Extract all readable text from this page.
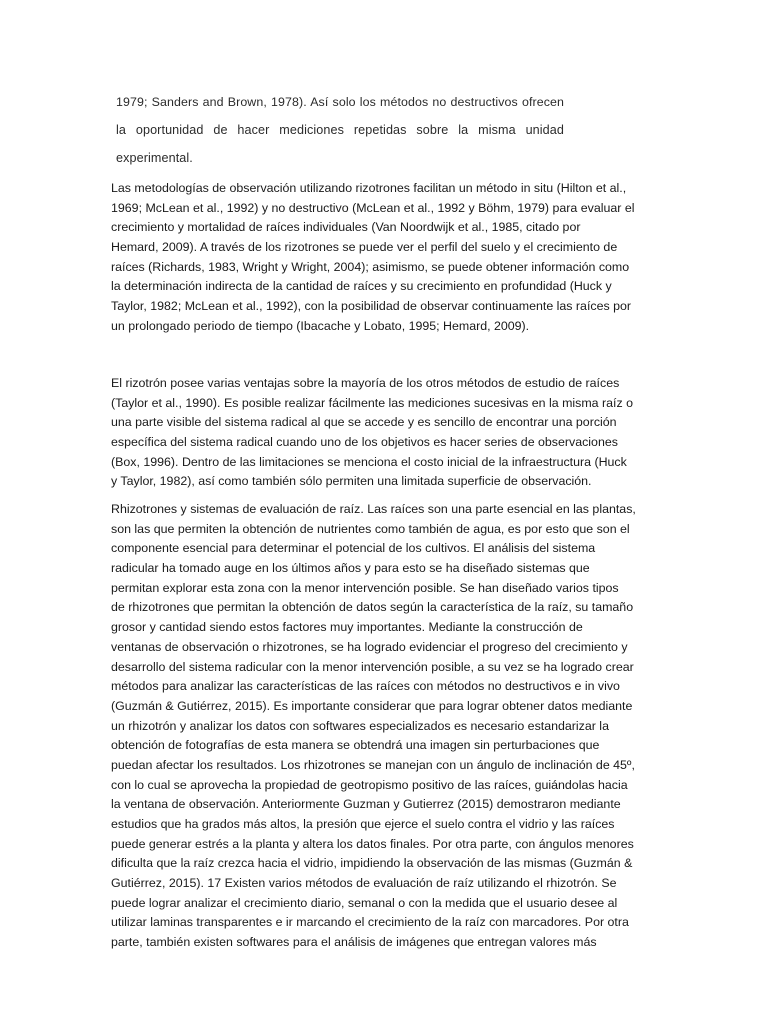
1979; Sanders and Brown, 1978). Así solo los métodos no destructivos ofrecen
la oportunidad de hacer mediciones repetidas sobre la misma unidad
experimental.
Las metodologías de observación utilizando rizotrones facilitan un método in situ (Hilton et al.,
1969; McLean et al., 1992) y no destructivo (McLean et al., 1992 y Böhm, 1979) para evaluar el
crecimiento y mortalidad de raíces individuales (Van Noordwijk et al., 1985, citado por
Hemard, 2009). A través de los rizotrones se puede ver el perfil del suelo y el crecimiento de
raíces (Richards, 1983, Wright y Wright, 2004); asimismo, se puede obtener información como
la determinación indirecta de la cantidad de raíces y su crecimiento en profundidad (Huck y
Taylor, 1982; McLean et al., 1992), con la posibilidad de observar continuamente las raíces por
un prolongado periodo de tiempo (Ibacache y Lobato, 1995; Hemard, 2009).
El rizotrón posee varias ventajas sobre la mayoría de los otros métodos de estudio de raíces
(Taylor et al., 1990). Es posible realizar fácilmente las mediciones sucesivas en la misma raíz o
una parte visible del sistema radical al que se accede y es sencillo de encontrar una porción
específica del sistema radical cuando uno de los objetivos es hacer series de observaciones
(Box, 1996). Dentro de las limitaciones se menciona el costo inicial de la infraestructura (Huck
y Taylor, 1982), así como también sólo permiten una limitada superficie de observación.
Rhizotrones y sistemas de evaluación de raíz. Las raíces son una parte esencial en las plantas,
son las que permiten la obtención de nutrientes como también de agua, es por esto que son el
componente esencial para determinar el potencial de los cultivos. El análisis del sistema
radicular ha tomado auge en los últimos años y para esto se ha diseñado sistemas que
permitan explorar esta zona con la menor intervención posible. Se han diseñado varios tipos
de rhizotrones que permitan la obtención de datos según la característica de la raíz, su tamaño
grosor y cantidad siendo estos factores muy importantes. Mediante la construcción de
ventanas de observación o rhizotrones, se ha logrado evidenciar el progreso del crecimiento y
desarrollo del sistema radicular con la menor intervención posible, a su vez se ha logrado crear
métodos para analizar las características de las raíces con métodos no destructivos e in vivo
(Guzmán & Gutiérrez, 2015). Es importante considerar que para lograr obtener datos mediante
un rhizotrón y analizar los datos con softwares especializados es necesario estandarizar la
obtención de fotografías de esta manera se obtendrá una imagen sin perturbaciones que
puedan afectar los resultados. Los rhizotrones se manejan con un ángulo de inclinación de 45º,
con lo cual se aprovecha la propiedad de geotropismo positivo de las raíces, guiándolas hacia
la ventana de observación. Anteriormente Guzman y Gutierrez (2015) demostraron mediante
estudios que ha grados más altos, la presión que ejerce el suelo contra el vidrio y las raíces
puede generar estrés a la planta y altera los datos finales. Por otra parte, con ángulos menores
dificulta que la raíz crezca hacia el vidrio, impidiendo la observación de las mismas (Guzmán &
Gutiérrez, 2015). 17 Existen varios métodos de evaluación de raíz utilizando el rhizotrón. Se
puede lograr analizar el crecimiento diario, semanal o con la medida que el usuario desee al
utilizar laminas transparentes e ir marcando el crecimiento de la raíz con marcadores. Por otra
parte, también existen softwares para el análisis de imágenes que entregan valores más
